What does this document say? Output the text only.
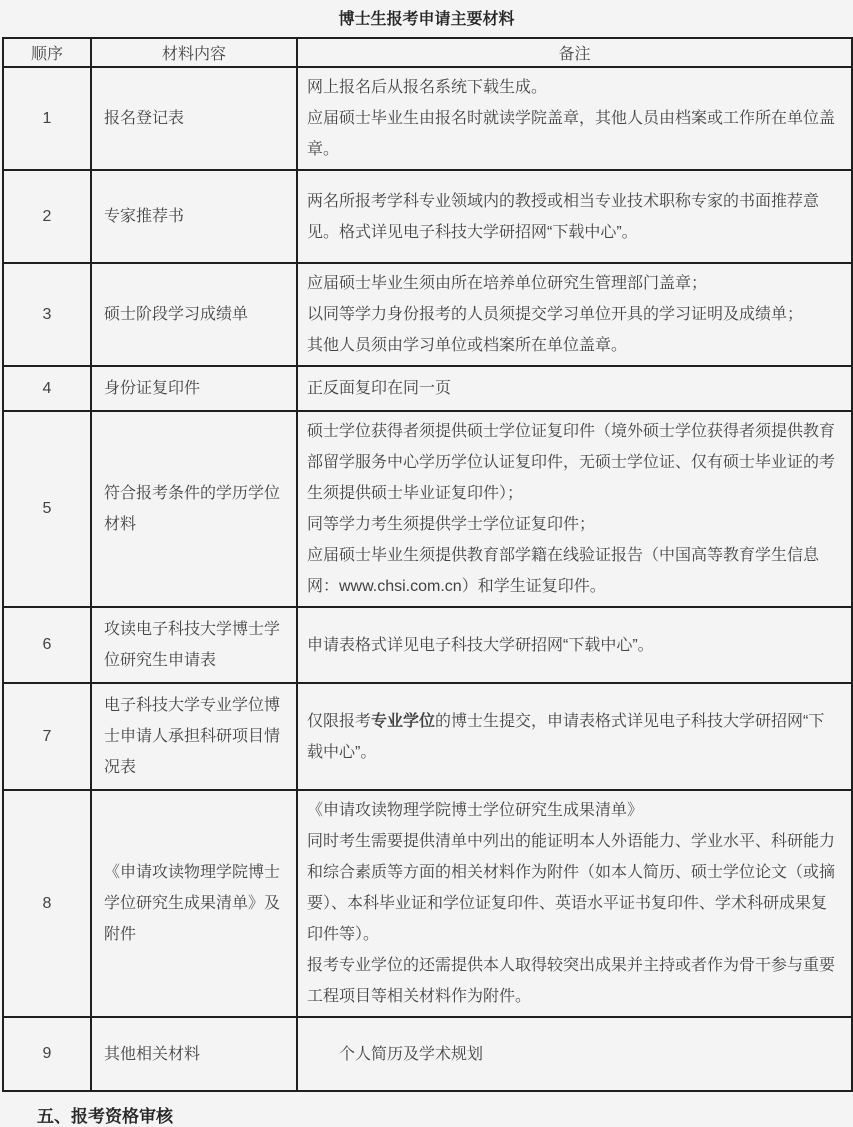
博士生报考申请主要材料
顺序	材料内容	备注
1	报名登记表	网上报名后从报名系统下载生成。

应届硕士毕业生由报名时就读学院盖章，其他人员由档案或工作所在单位盖章。

2	专家推荐书	两名所报考学科专业领域内的教授或相当专业技术职称专家的书面推荐意见。格式详见电子科技大学研招网“下载中心”。

3	硕士阶段学习成绩单	应届硕士毕业生须由所在培养单位研究生管理部门盖章；

以同等学力身份报考的人员须提交学习单位开具的学习证明及成绩单；

其他人员须由学习单位或档案所在单位盖章。

4	身份证复印件	正反面复印在同一页

5	符合报考条件的学历学位材料	硕士学位获得者须提供硕士学位证复印件（境外硕士学位获得者须提供教育部留学服务中心学历学位认证复印件，无硕士学位证、仅有硕士毕业证的考生须提供硕士毕业证复印件）；

同等学力考生须提供学士学位证复印件；

应届硕士毕业生须提供教育部学籍在线验证报告（中国高等教育学生信息网：www.chsi.com.cn）和学生证复印件。

6	攻读电子科技大学博士学位研究生申请表	申请表格式详见电子科技大学研招网“下载中心”。

7	电子科技大学专业学位博士申请人承担科研项目情况表	仅限报考专业学位的博士生提交，申请表格式详见电子科技大学研招网“下载中心”。

8	《申请攻读物理学院博士学位研究生成果清单》及附件	《申请攻读物理学院博士学位研究生成果清单》

同时考生需要提供清单中列出的能证明本人外语能力、学业水平、科研能力和综合素质等方面的相关材料作为附件（如本人简历、硕士学位论文（或摘要）、本科毕业证和学位证复印件、英语水平证书复印件、学术科研成果复印件等）。

报考专业学位的还需提供本人取得较突出成果并主持或者作为骨干参与重要工程项目等相关材料作为附件。

9	其他相关材料	　　个人简历及学术规划

五、报考资格审核
